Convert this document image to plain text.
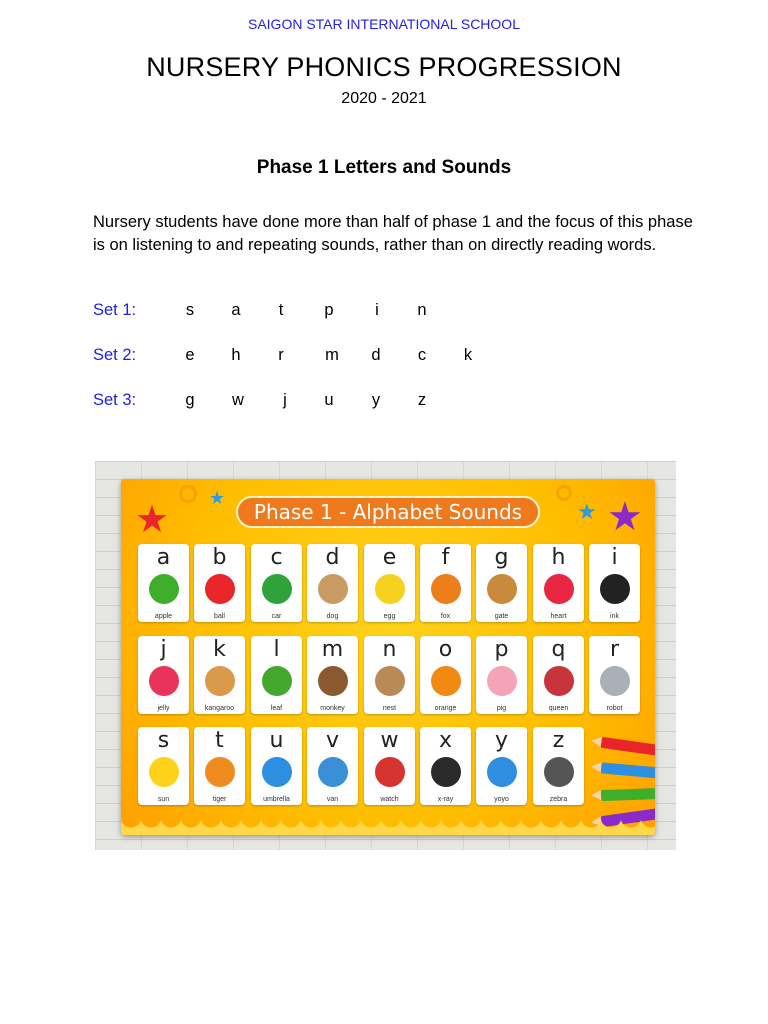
SAIGON STAR INTERNATIONAL SCHOOL
NURSERY PHONICS PROGRESSION
2020 - 2021
Phase 1 Letters and Sounds

Nursery students have done more than half of phase 1 and the focus of this phase is on listening to and repeating sounds, rather than on directly reading words.

Set 1:	s	a	t	p	i	n
Set 2:	e	h	r	m	d	c	k
Set 3:	g	w	j	u	y	z
★
★
★ ★
Phase 1 - Alphabet Sounds
a
apple
b
ball
c
car
d
dog
e
egg
f
fox
g
gate
h
heart
i
ink
j
jelly
k
kangaroo
l
leaf
m
monkey
n
nest
o
orange
p
pig
q
queen
r
robot
s
sun
t
tiger
u
umbrella
v
van
w
watch
x
x-ray
y
yoyo
z
zebra
